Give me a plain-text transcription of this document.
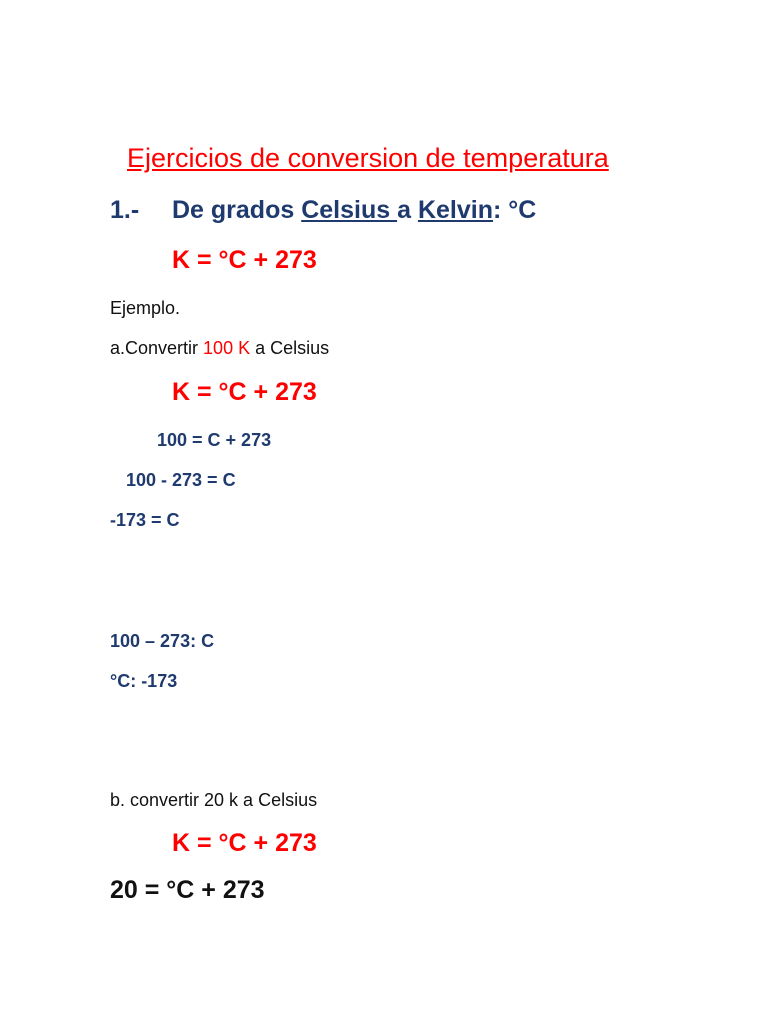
Ejercicios de conversion de temperatura
1.- De grados Celsius a Kelvin: °C
K = °C + 273
Ejemplo.
a.Convertir 100 K a Celsius
K = °C + 273
100 = C + 273
100 - 273 = C
-173 = C
100 – 273: C
°C: -173
b. convertir 20 k a Celsius
K = °C + 273
20 = °C + 273
